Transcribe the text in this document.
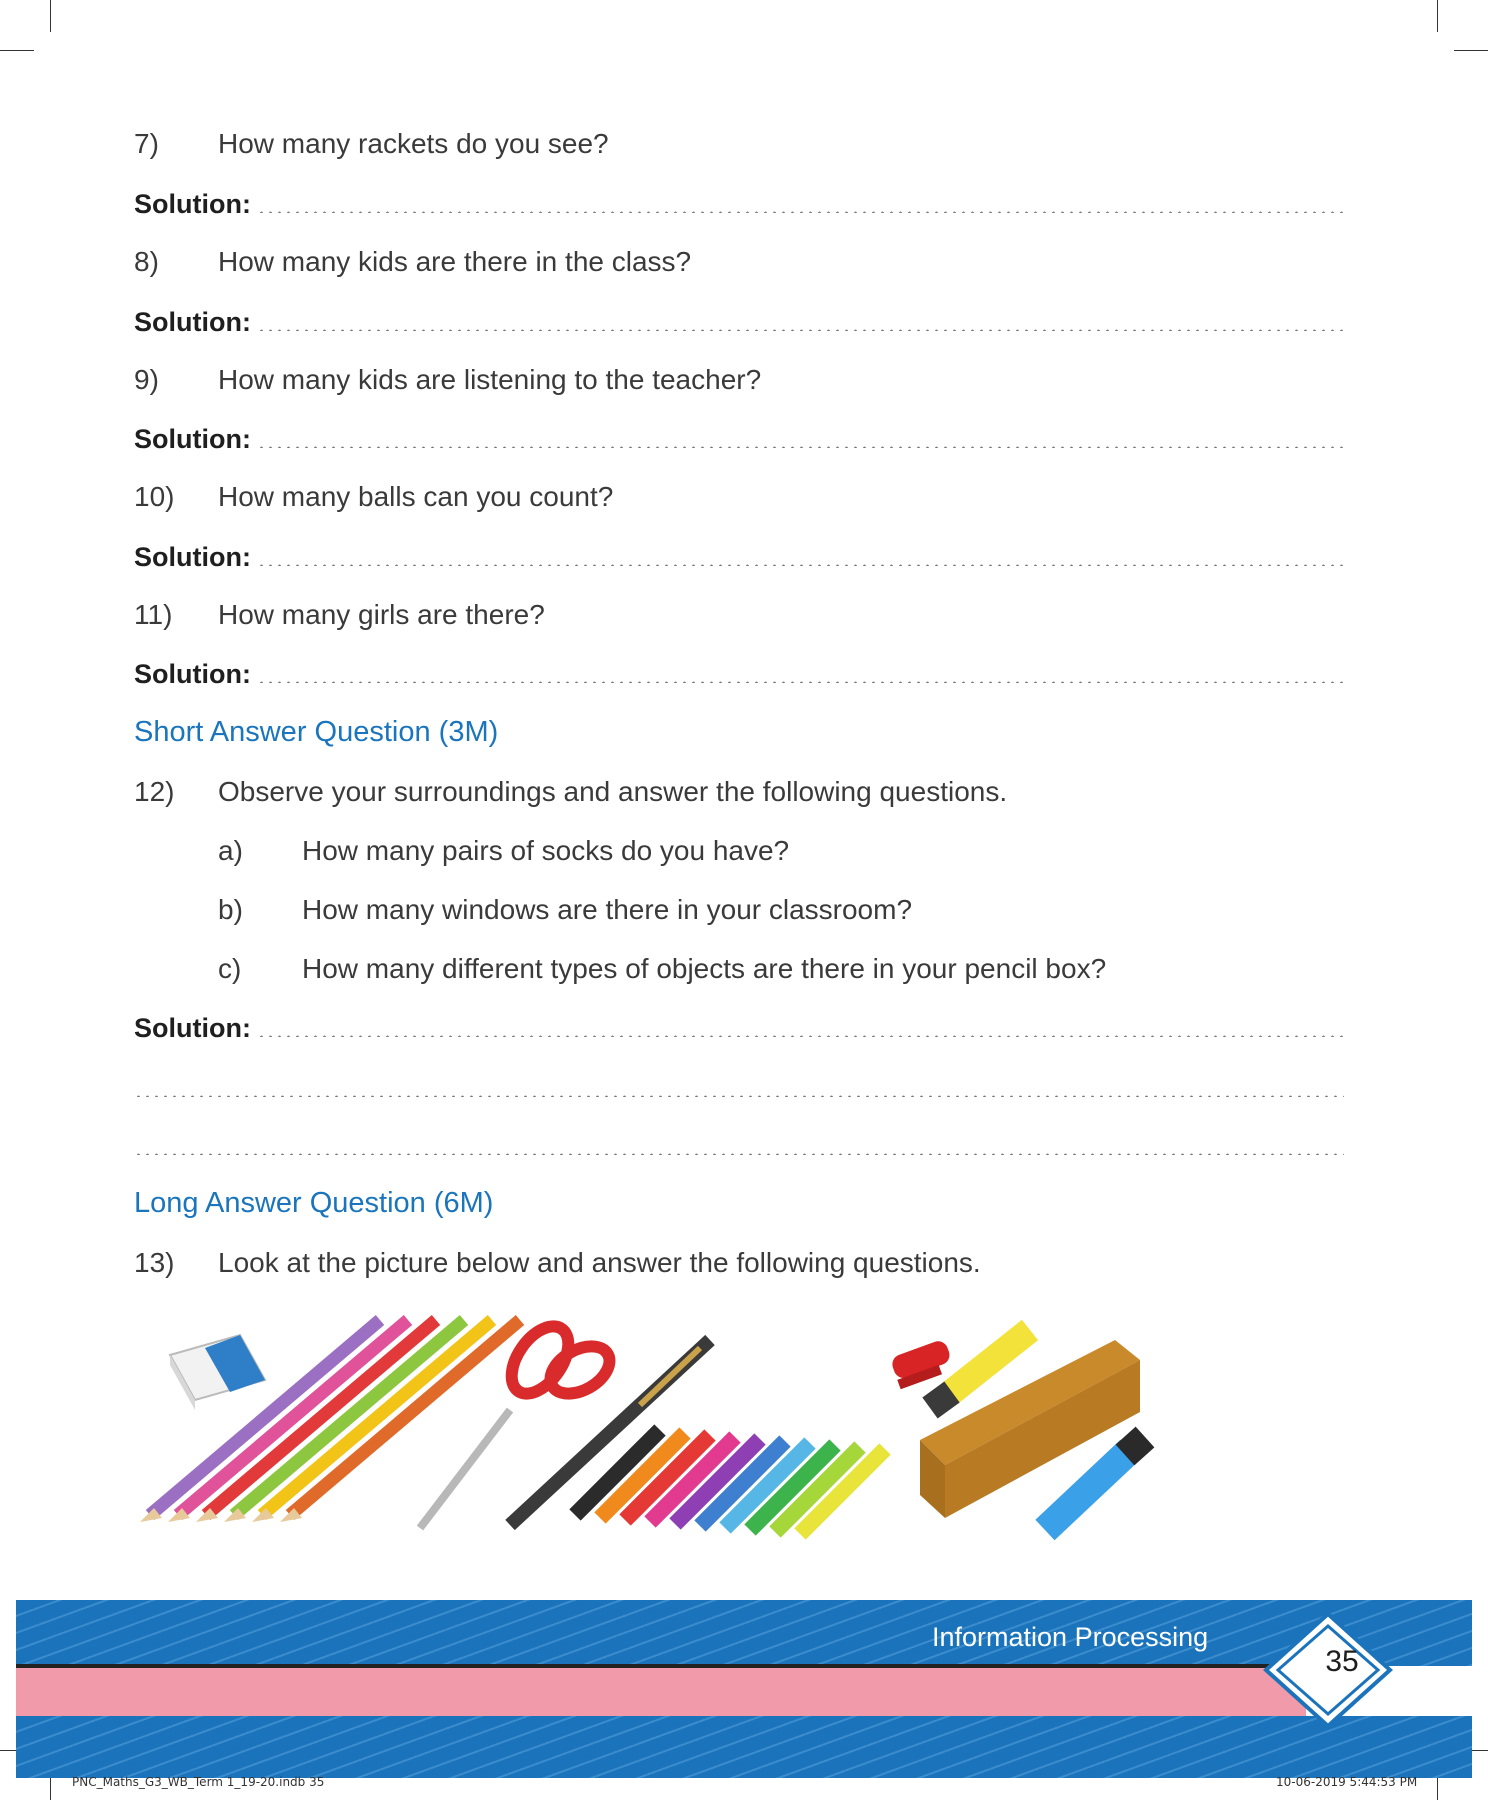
7) How many rackets do you see?
Solution:
8) How many kids are there in the class?
Solution:
9) How many kids are listening to the teacher?
Solution:
10) How many balls can you count?
Solution:
11) How many girls are there?
Solution:
Short Answer Question (3M)
12) Observe your surroundings and answer the following questions.
a) How many pairs of socks do you have?
b) How many windows are there in your classroom?
c) How many different types of objects are there in your pencil box?
Solution:
Long Answer Question (6M)
13) Look at the picture below and answer the following questions.
Information Processing
35
PNC_Maths_G3_WB_Term 1_19-20.indb 35	10-06-2019 5:44:53 PM
